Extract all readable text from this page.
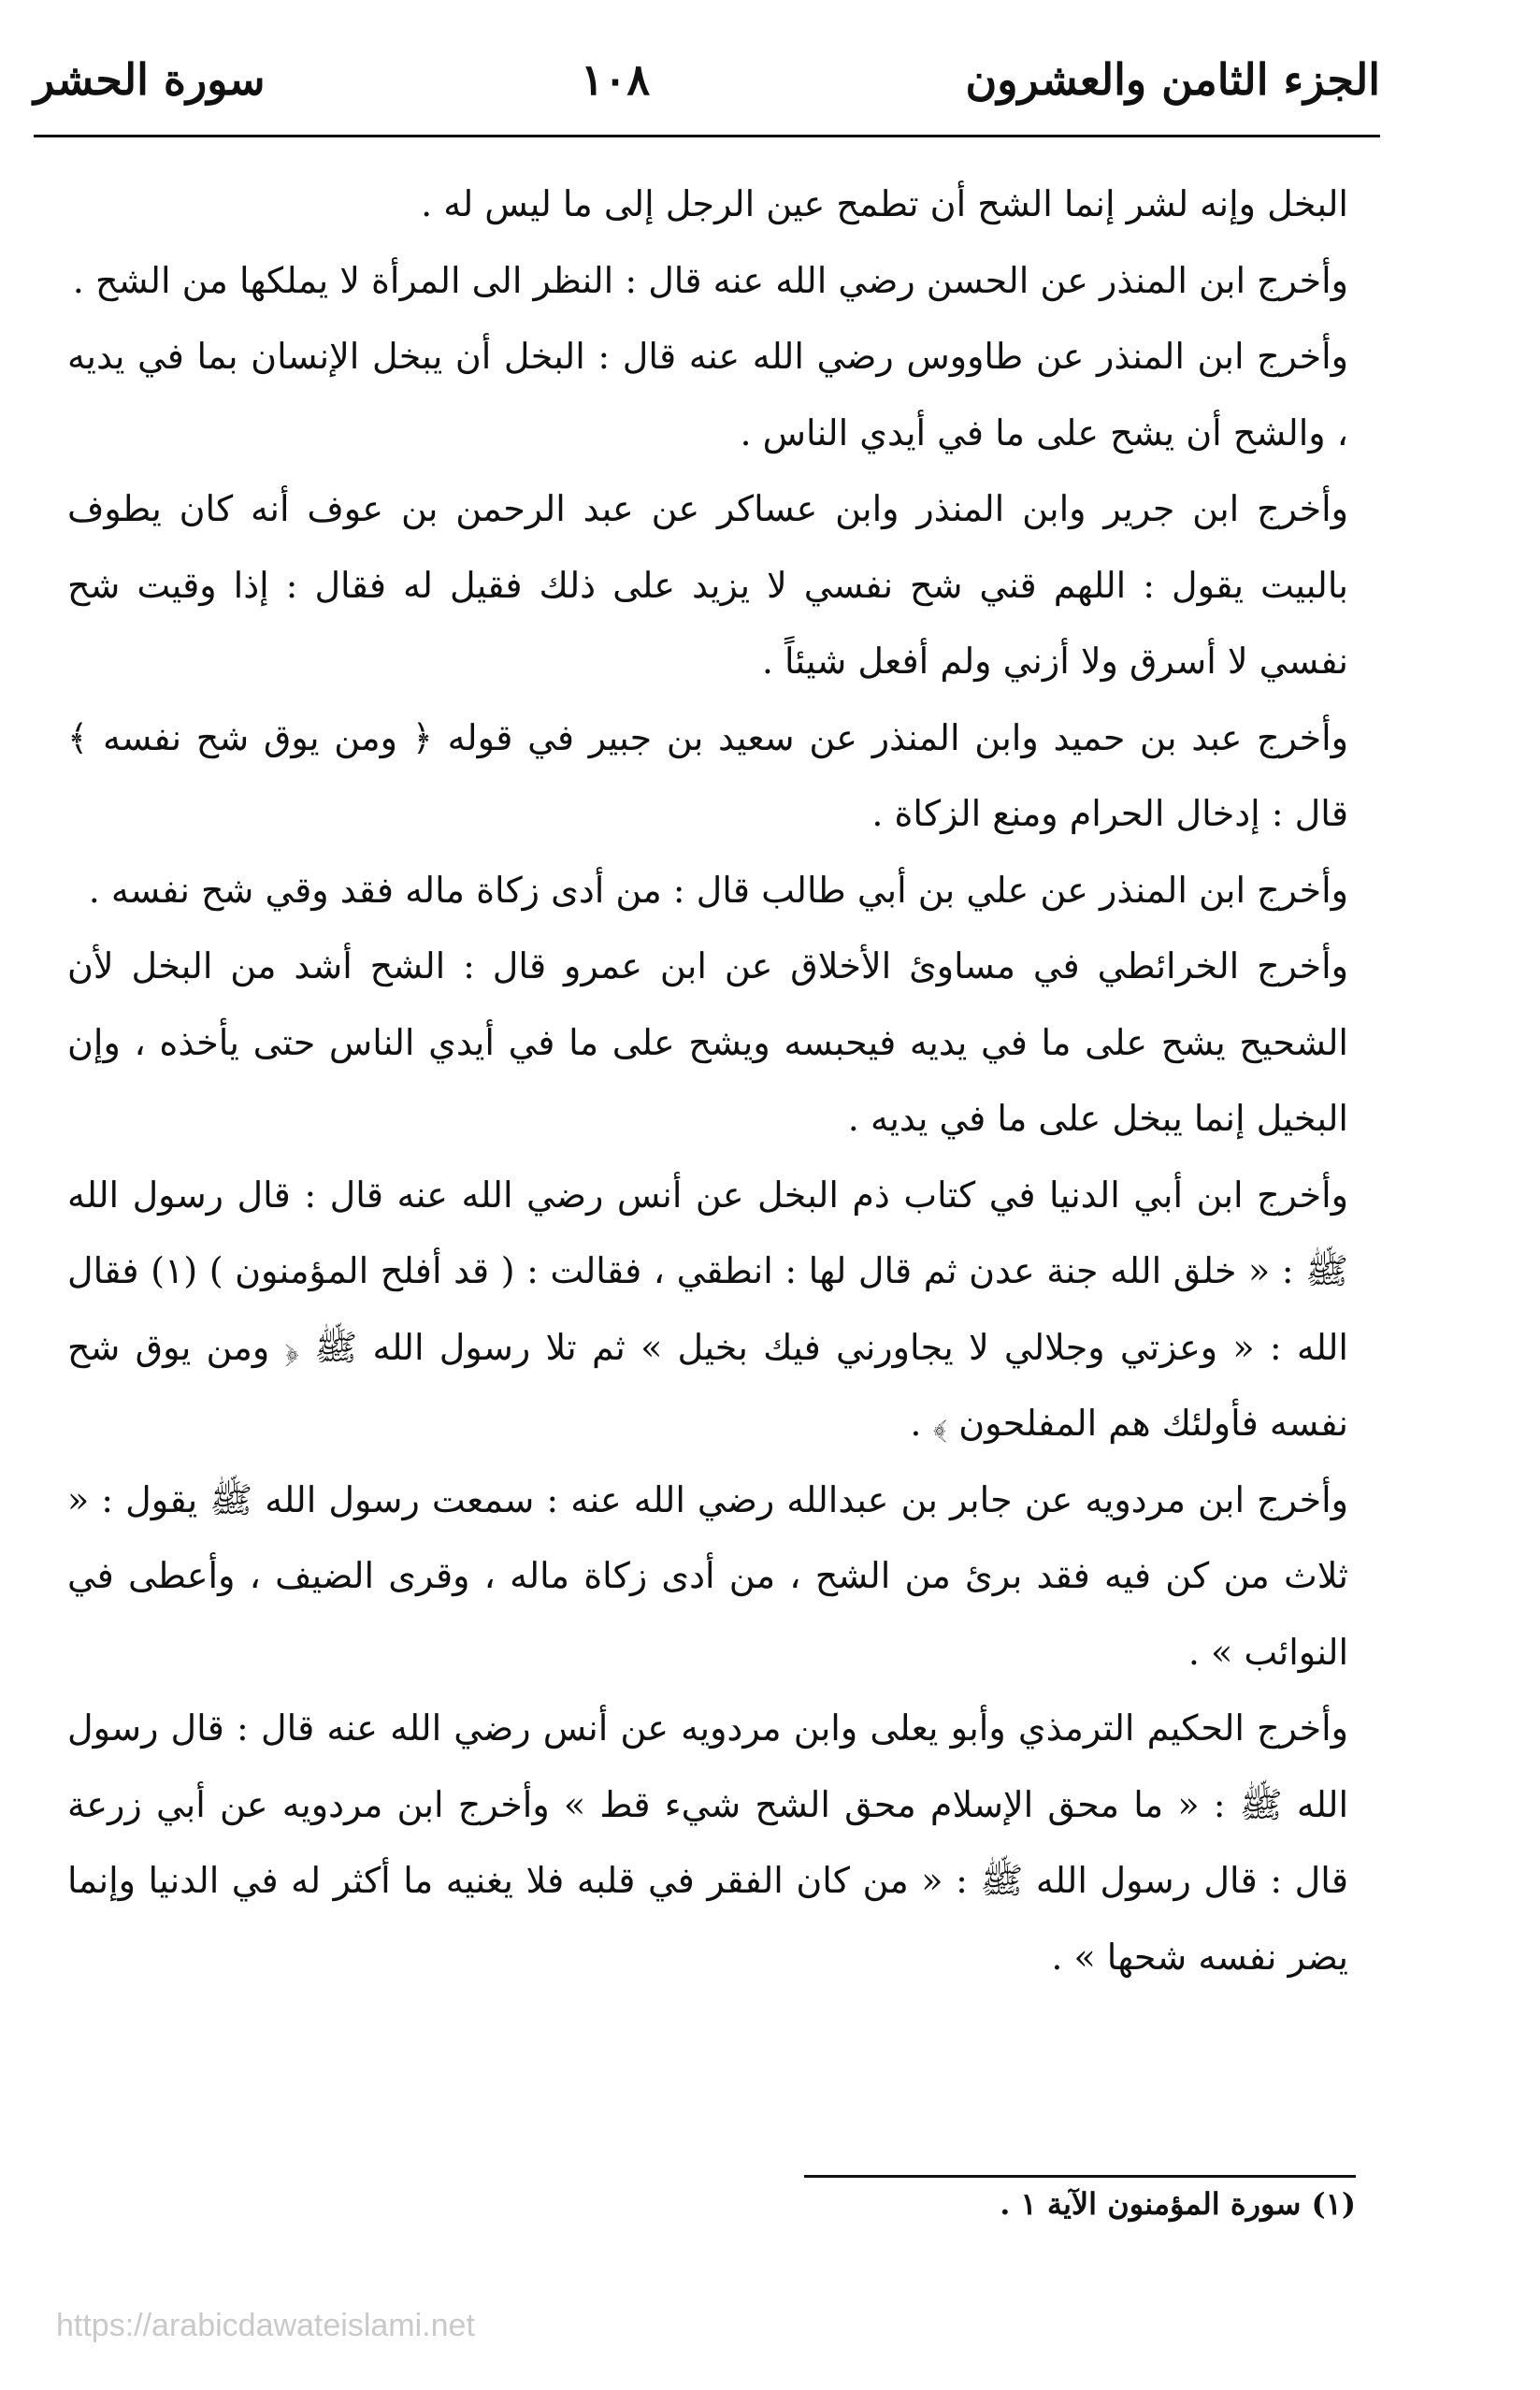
الجزء الثامن والعشرون
١٠٨
سورة الحشر

البخل وإنه لشر إنما الشح أن تطمح عين الرجل إلى ما ليس له .

وأخرج ابن المنذر عن الحسن رضي الله عنه قال : النظر الى المرأة لا يملكها من الشح .

وأخرج ابن المنذر عن طاووس رضي الله عنه قال : البخل أن يبخل الإنسان بما في يديه ، والشح أن يشح على ما في أيدي الناس .

وأخرج ابن جرير وابن المنذر وابن عساكر عن عبد الرحمن بن عوف أنه كان يطوف بالبيت يقول : اللهم قني شح نفسي لا يزيد على ذلك فقيل له فقال : إذا وقيت شح نفسي لا أسرق ولا أزني ولم أفعل شيئاً .

وأخرج عبد بن حميد وابن المنذر عن سعيد بن جبير في قوله ﴿ ومن يوق شح نفسه ﴾ قال : إدخال الحرام ومنع الزكاة .

وأخرج ابن المنذر عن علي بن أبي طالب قال : من أدى زكاة ماله فقد وقي شح نفسه .

وأخرج الخرائطي في مساوئ الأخلاق عن ابن عمرو قال : الشح أشد من البخل لأن الشحيح يشح على ما في يديه فيحبسه ويشح على ما في أيدي الناس حتى يأخذه ، وإن البخيل إنما يبخل على ما في يديه .

وأخرج ابن أبي الدنيا في كتاب ذم البخل عن أنس رضي الله عنه قال : قال رسول الله ﷺ : « خلق الله جنة عدن ثم قال لها : انطقي ، فقالت : ( قد أفلح المؤمنون ) (١) فقال الله : « وعزتي وجلالي لا يجاورني فيك بخيل » ثم تلا رسول الله ﷺ ﴿ ومن يوق شح نفسه فأولئك هم المفلحون ﴾ .

وأخرج ابن مردويه عن جابر بن عبدالله رضي الله عنه : سمعت رسول الله ﷺ يقول : « ثلاث من كن فيه فقد برئ من الشح ، من أدى زكاة ماله ، وقرى الضيف ، وأعطى في النوائب » .

وأخرج الحكيم الترمذي وأبو يعلى وابن مردويه عن أنس رضي الله عنه قال : قال رسول الله ﷺ : « ما محق الإسلام محق الشح شيء قط » وأخرج ابن مردويه عن أبي زرعة قال : قال رسول الله ﷺ : « من كان الفقر في قلبه فلا يغنيه ما أكثر له في الدنيا وإنما يضر نفسه شحها » .

(١) سورة المؤمنون الآية ١ .
https://arabicdawateislami.net
